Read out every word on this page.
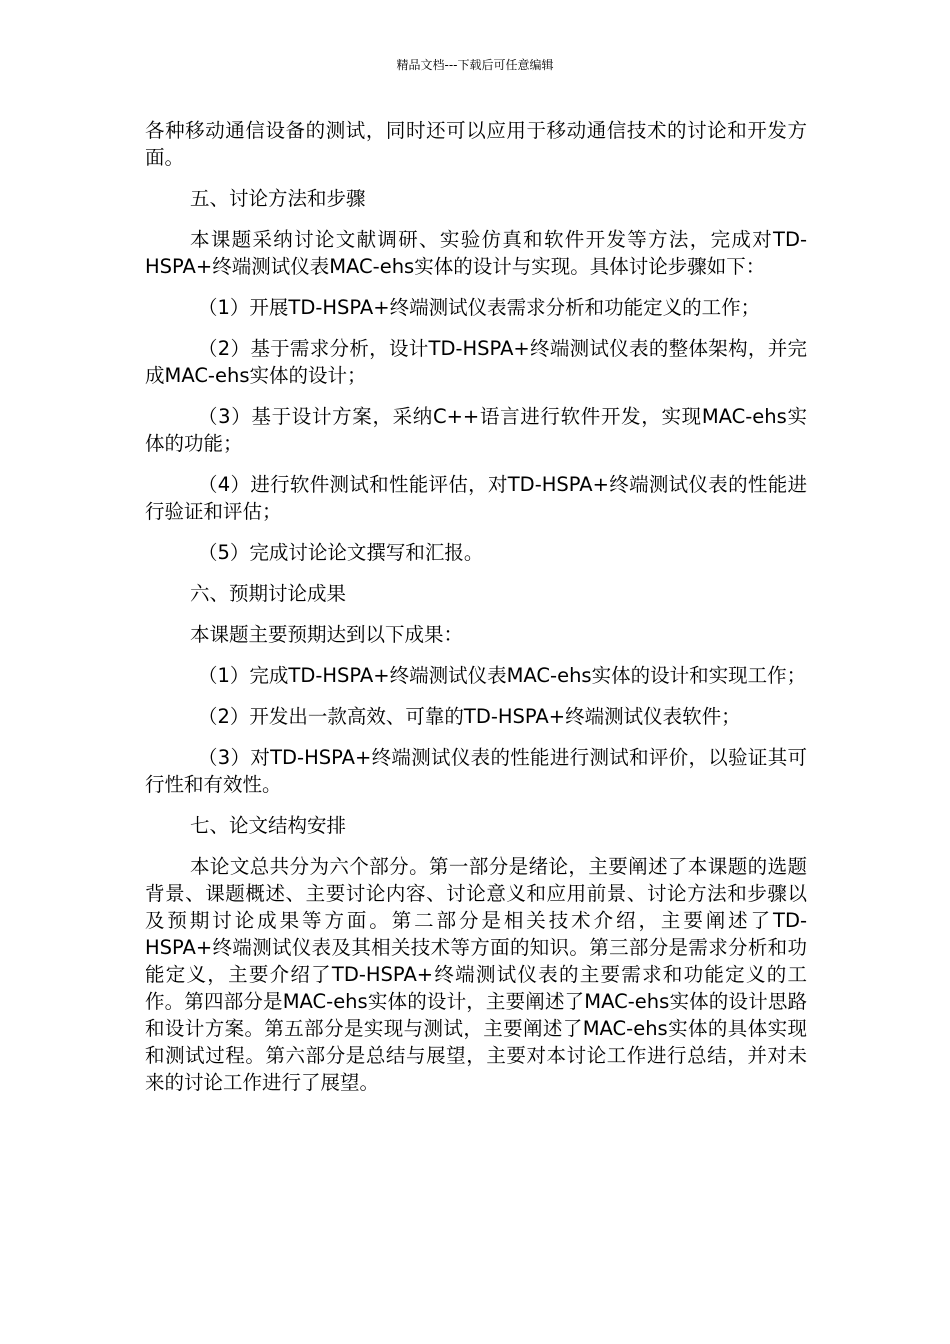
精品文档---下载后可任意编辑

各种移动通信设备的测试，同时还可以应用于移动通信技术的讨论和开发方面。

五、讨论方法和步骤

本课题采纳讨论文献调研、实验仿真和软件开发等方法，完成对TD-HSPA+终端测试仪表MAC-ehs实体的设计与实现。具体讨论步骤如下：

（1）开展TD-HSPA+终端测试仪表需求分析和功能定义的工作；

（2）基于需求分析，设计TD-HSPA+终端测试仪表的整体架构，并完成MAC-ehs实体的设计；

（3）基于设计方案，采纳C++语言进行软件开发，实现MAC-ehs实体的功能；

（4）进行软件测试和性能评估，对TD-HSPA+终端测试仪表的性能进行验证和评估；

（5）完成讨论论文撰写和汇报。

六、预期讨论成果

本课题主要预期达到以下成果：

（1）完成TD-HSPA+终端测试仪表MAC-ehs实体的设计和实现工作；

（2）开发出一款高效、可靠的TD-HSPA+终端测试仪表软件；

（3）对TD-HSPA+终端测试仪表的性能进行测试和评价，以验证其可行性和有效性。

七、论文结构安排

本论文总共分为六个部分。第一部分是绪论，主要阐述了本课题的选题背景、课题概述、主要讨论内容、讨论意义和应用前景、讨论方法和步骤以及预期讨论成果等方面。第二部分是相关技术介绍，主要阐述了TD-HSPA+终端测试仪表及其相关技术等方面的知识。第三部分是需求分析和功能定义，主要介绍了TD-HSPA+终端测试仪表的主要需求和功能定义的工作。第四部分是MAC-ehs实体的设计，主要阐述了MAC-ehs实体的设计思路和设计方案。第五部分是实现与测试，主要阐述了MAC-ehs实体的具体实现和测试过程。第六部分是总结与展望，主要对本讨论工作进行总结，并对未来的讨论工作进行了展望。
